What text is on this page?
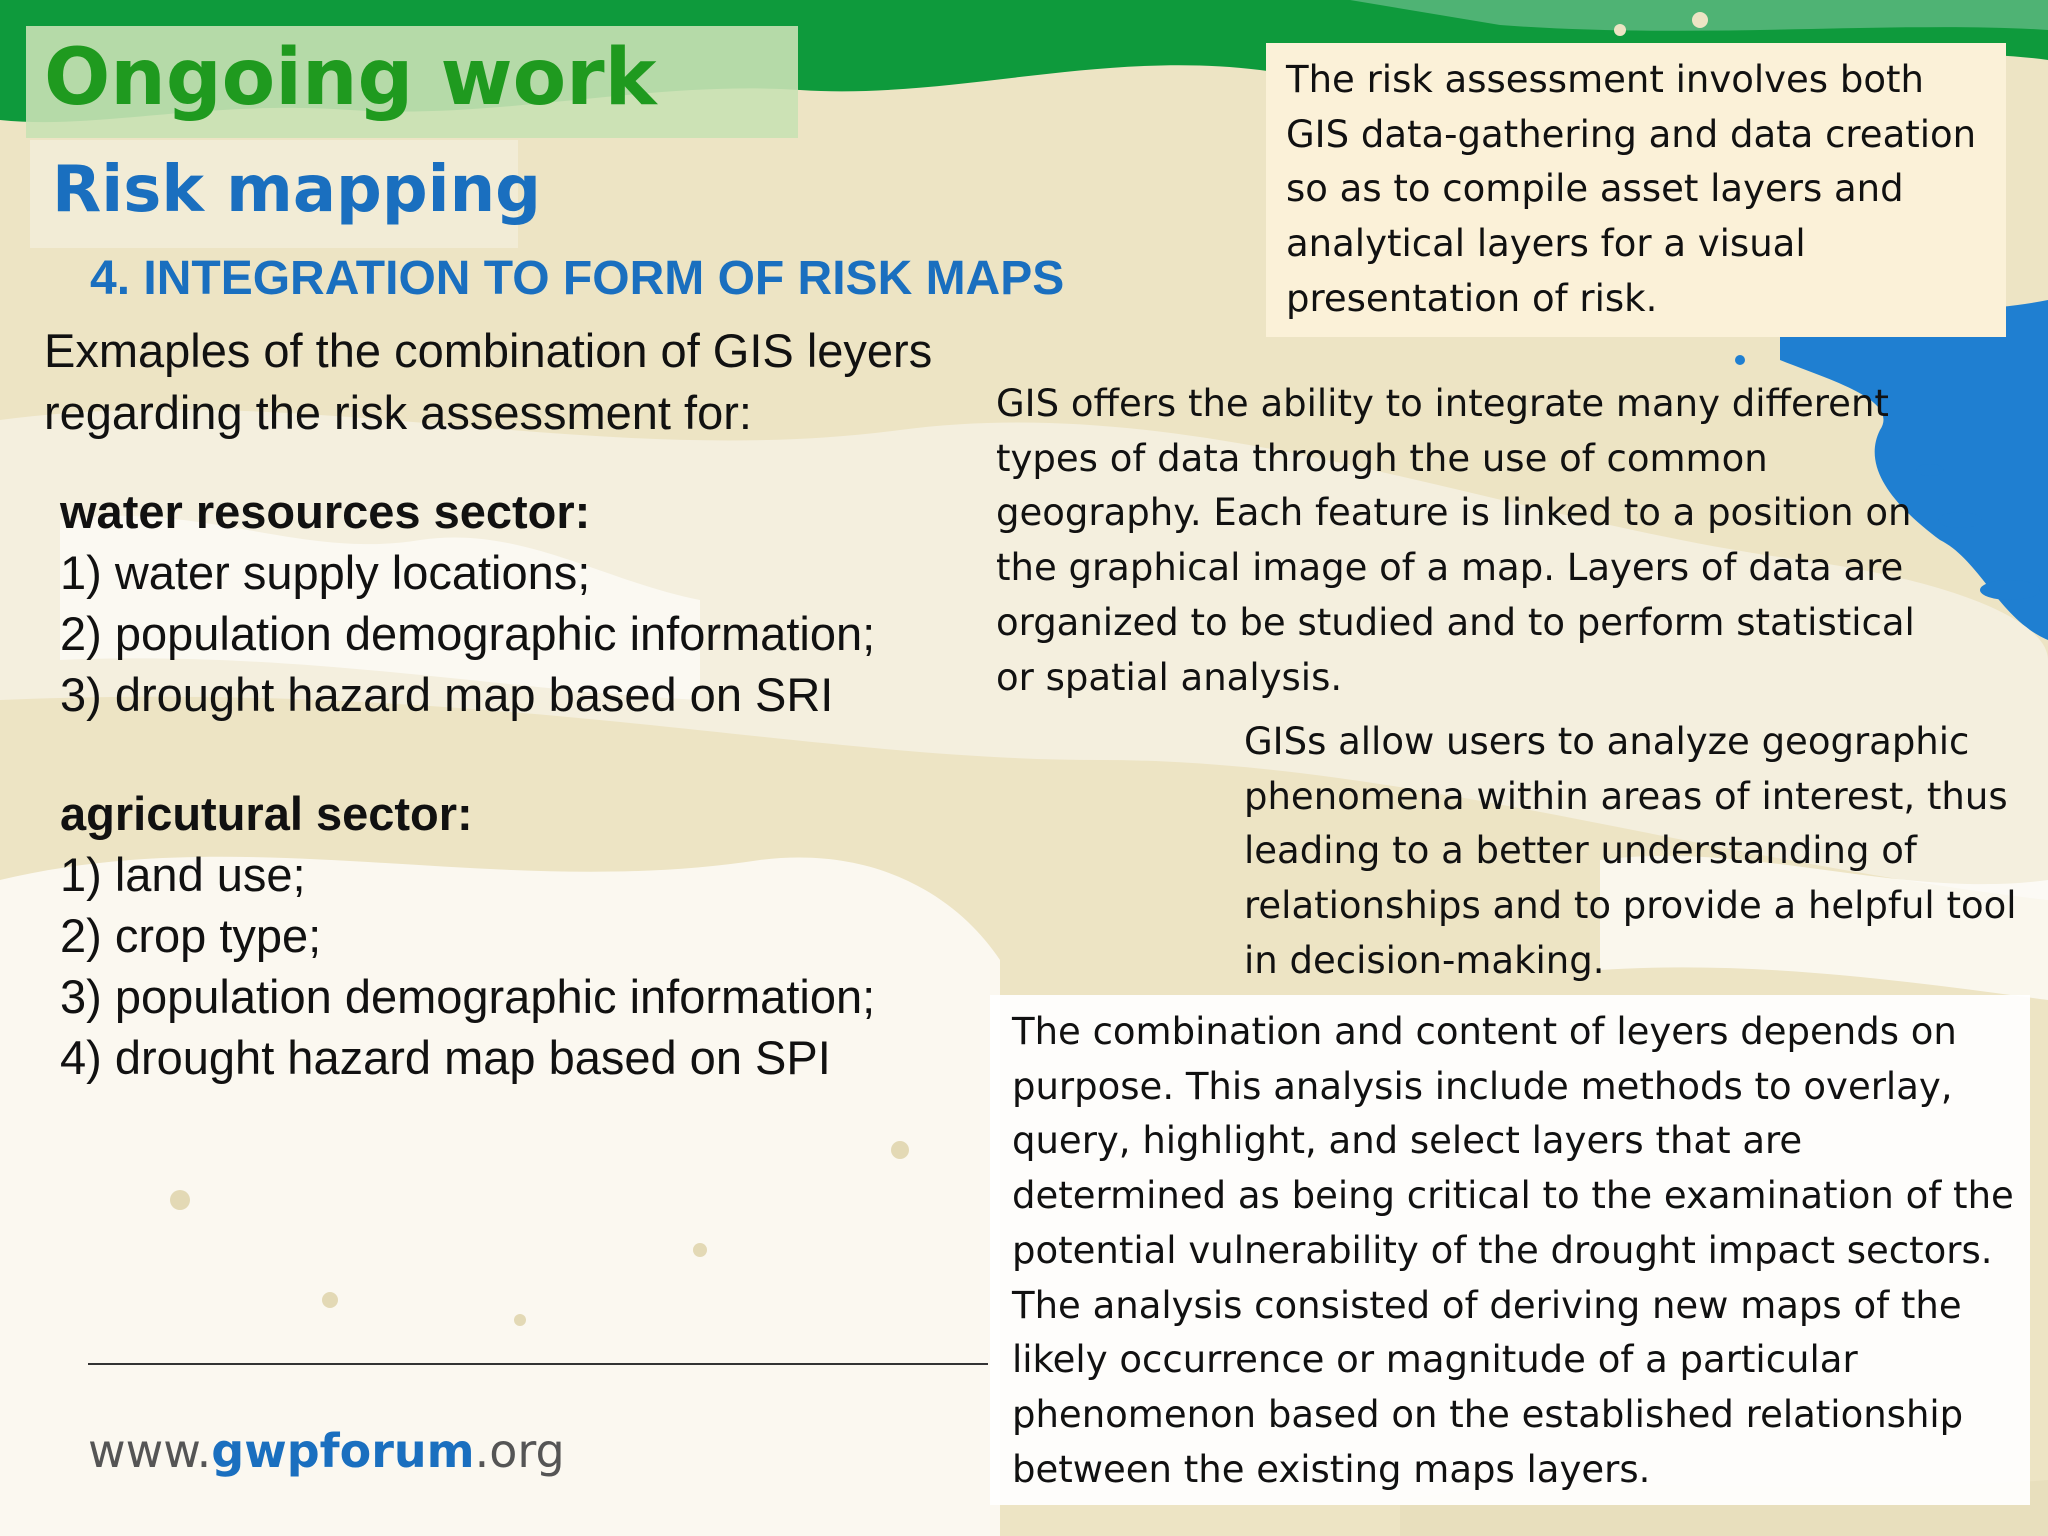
Ongoing work
Risk mapping
4. INTEGRATION TO FORM OF RISK MAPS
Exmaples of the combination of GIS leyers regarding the risk assessment for:
water resources sector:
1) water supply locations;
2) population demographic information;
3) drought hazard map based on SRI
agricutural sector:
1) land use;
2) crop type;
3) population demographic information;
4) drought hazard map based on SPI
The risk assessment involves both GIS data-gathering and data creation so as to compile asset layers and analytical layers for a visual presentation of risk.
GIS offers the ability to integrate many different types of data through the use of common geography. Each feature is linked to a position on the graphical image of a map. Layers of data are organized to be studied and to perform statistical or spatial analysis.
GISs allow users to analyze geographic phenomena within areas of interest, thus leading to a better understanding of relationships and to provide a helpful tool in decision-making.
The combination and content of leyers depends on purpose. This analysis include methods to overlay, query, highlight, and select layers that are determined as being critical to the examination of the potential vulnerability of the drought impact sectors. The analysis consisted of deriving new maps of the likely occurrence or magnitude of a particular phenomenon based on the established relationship between the existing maps layers.
www.gwpforum.org
